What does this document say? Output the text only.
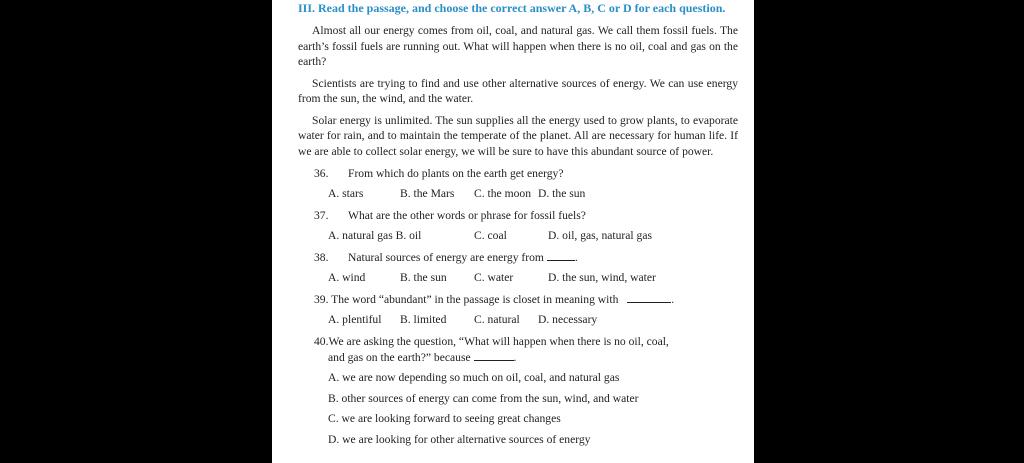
III. Read the passage, and choose the correct answer A, B, C or D for each question.

Almost all our energy comes from oil, coal, and natural gas. We call them fossil fuels. The earth’s fossil fuels are running out. What will happen when there is no oil, coal and gas on the earth?

Scientists are trying to find and use other alternative sources of energy. We can use energy from the sun, the wind, and the water.

Solar energy is unlimited. The sun supplies all the energy used to grow plants, to evaporate water for rain, and to maintain the temperate of the planet. All are necessary for human life. If we are able to collect solar energy, we will be sure to have this abundant source of power.

36. From which do plants on the earth get energy?
A. stars	B. the Mars	C. the moon D. the sun
37. What are the other words or phrase for fossil fuels?
A. natural gas B. oil	C. coal	D. oil, gas, natural gas
38. Natural sources of energy are energy from	.
A. wind	B. the sun	C. water	D. the sun, wind, water
39. The word “abundant” in the passage is closet in meaning with	.
A. plentiful	B. limited	C. natural	D. necessary
40.We are asking the question, “What will happen when there is no oil, coal,
and gas on the earth?” because	.
A. we are now depending so much on oil, coal, and natural gas
B. other sources of energy can come from the sun, wind, and water
C. we are looking forward to seeing great changes
D. we are looking for other alternative sources of energy
